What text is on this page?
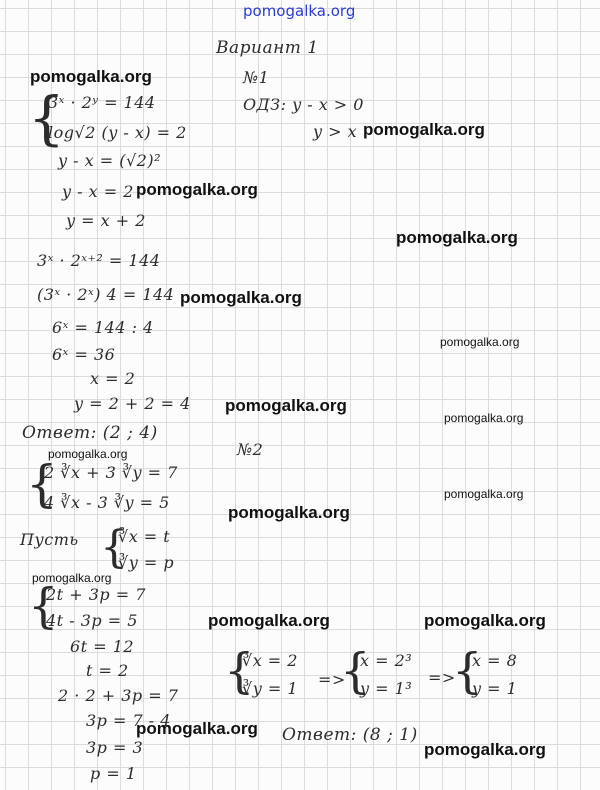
pomogalka.org
Вариант 1
№1
ОДЗ: y - x > 0
y > x
{
3ˣ · 2ʸ = 144
log√2 (y - x) = 2
y - x = (√2)²
y - x = 2
y = x + 2
3ˣ · 2ˣ⁺² = 144
(3ˣ · 2ˣ) 4 = 144
6ˣ = 144 : 4
6ˣ = 36
x = 2
y = 2 + 2 = 4
Ответ: (2 ; 4)
№2
{
2 ∛x + 3 ∛y = 7
4 ∛x - 3 ∛y = 5
Пусть {
∛x = t
∛y = p
{
2t + 3p = 7
4t - 3p = 5
6t = 12
t = 2
2 · 2 + 3p = 7
3p = 7 - 4
3p = 3
p = 1
{
∛x = 2
∛y = 1 =>
{
x = 2³
y = 1³
=>
{
x = 8
y = 1
Ответ: (8 ; 1)
pomogalka.org
pomogalka.org
pomogalka.org
pomogalka.org
pomogalka.org
pomogalka.org
pomogalka.org
pomogalka.org
pomogalka.org
pomogalka.org
pomogalka.org
pomogalka.org
pomogalka.org	pomogalka.org
pomogalka.org
pomogalka.org
